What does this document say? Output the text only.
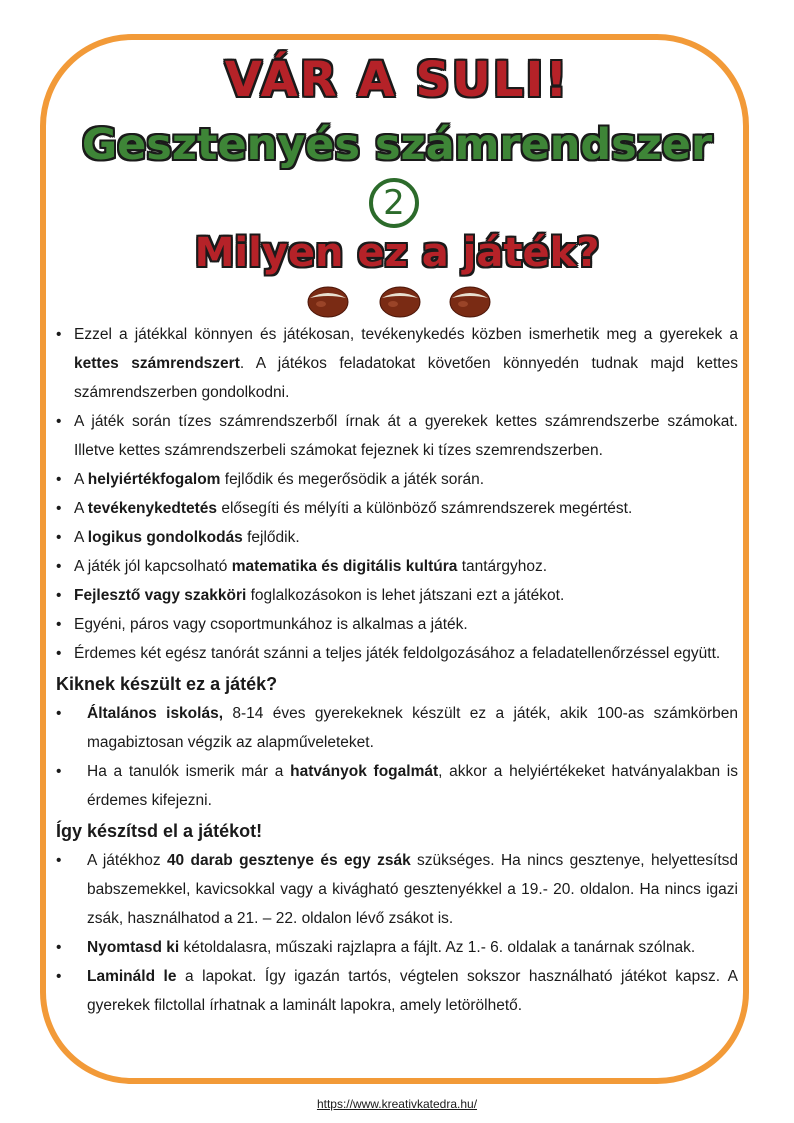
VÁR A SULI!
Gesztenyés számrendszer
2
Milyen ez a játék?
• Ezzel a játékkal könnyen és játékosan, tevékenykedés közben ismerhetik meg a gyerekek a kettes számrendszert. A játékos feladatokat követően könnyedén tudnak majd kettes számrendszerben gondolkodni.
• A játék során tízes számrendszerből írnak át a gyerekek kettes számrendszerbe számokat. Illetve kettes számrendszerbeli számokat fejeznek ki tízes szemrendszerben.
• A helyiértékfogalom fejlődik és megerősödik a játék során.
• A tevékenykedtetés elősegíti és mélyíti a különböző számrendszerek megértést.
• A logikus gondolkodás fejlődik.
• A játék jól kapcsolható matematika és digitális kultúra tantárgyhoz.
• Fejlesztő vagy szakköri foglalkozásokon is lehet játszani ezt a játékot.
• Egyéni, páros vagy csoportmunkához is alkalmas a játék.
• Érdemes két egész tanórát szánni a teljes játék feldolgozásához a feladatellenőrzéssel együtt.
Kiknek készült ez a játék?
• Általános iskolás, 8-14 éves gyerekeknek készült ez a játék, akik 100-as számkörben magabiztosan végzik az alapműveleteket.
• Ha a tanulók ismerik már a hatványok fogalmát, akkor a helyiértékeket hatványalakban is érdemes kifejezni.
Így készítsd el a játékot!
• A játékhoz 40 darab gesztenye és egy zsák szükséges. Ha nincs gesztenye, helyettesítsd babszemekkel, kavicsokkal vagy a kivágható gesztenyékkel a 19.- 20. oldalon. Ha nincs igazi zsák, használhatod a 21. – 22. oldalon lévő zsákot is.
• Nyomtasd ki kétoldalasra, műszaki rajzlapra a fájlt. Az 1.- 6. oldalak a tanárnak szólnak.
• Lamináld le a lapokat. Így igazán tartós, végtelen sokszor használható játékot kapsz. A gyerekek filctollal írhatnak a laminált lapokra, amely letörölhető.
https://www.kreativkatedra.hu/
